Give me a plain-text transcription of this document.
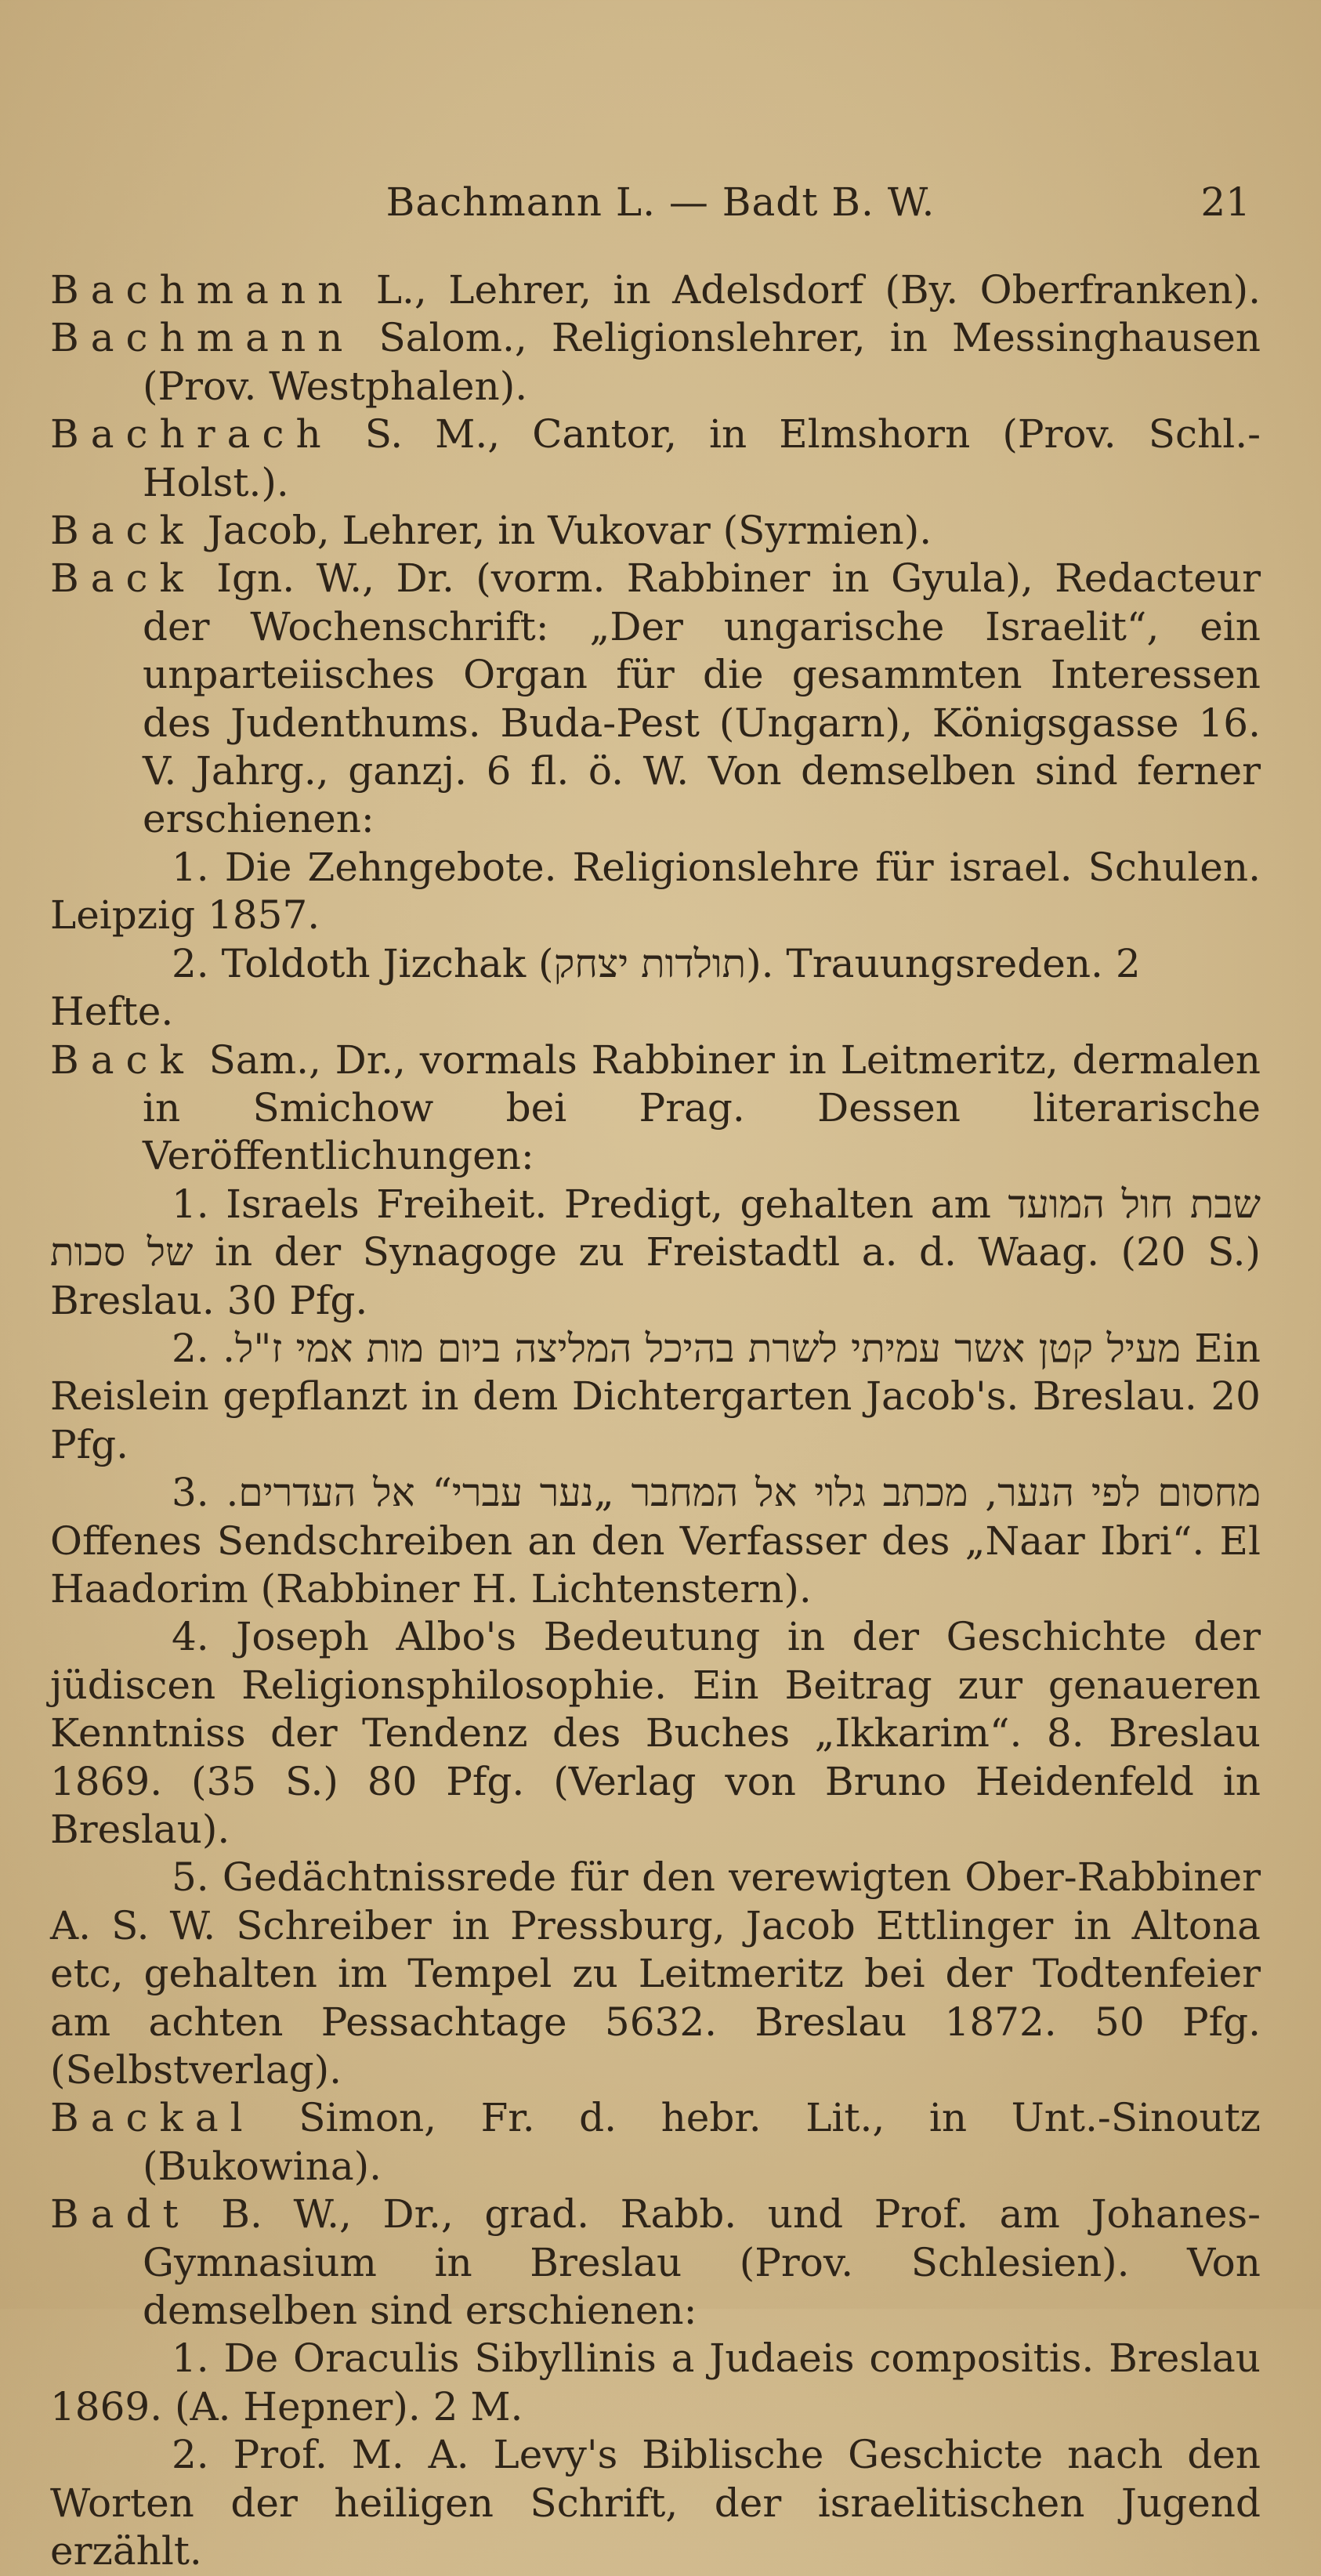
Bachmann L. — Badt B. W.	21

Bachmann L., Lehrer, in Adelsdorf (By. Oberfranken).

Bachmann Salom., Religionslehrer, in Messinghausen (Prov. Westphalen).

Bachrach S. M., Cantor, in Elmshorn (Prov. Schl.-Holst.).

Back Jacob, Lehrer, in Vukovar (Syrmien).

Back Ign. W., Dr. (vorm. Rabbiner in Gyula), Redacteur der Wochenschrift: „Der ungarische Israelit“, ein unparteiisches Organ für die gesammten Interessen des Judenthums. Buda-Pest (Ungarn), Königsgasse 16. V. Jahrg., ganzj. 6 fl. ö. W. Von demselben sind ferner erschienen:

1. Die Zehngebote. Religionslehre für israel. Schulen. Leipzig 1857.

2. Toldoth Jizchak (תולדות יצחק). Trauungsreden. 2 Hefte.

Back Sam., Dr., vormals Rabbiner in Leitmeritz, dermalen in Smichow bei Prag. Dessen literarische Veröffentlichungen:

1. Israels Freiheit. Predigt, gehalten am שבת חול המועד של סכות in der Synagoge zu Freistadtl a. d. Waag. (20 S.) Breslau. 30 Pfg.

2. מעיל קטן אשר עמיתי לשרת בהיכל המליצה ביום מות אמי ז"ל. Ein Reislein gepflanzt in dem Dichtergarten Jacob's. Breslau. 20 Pfg.

3. מחסום לפי הנער, מכתב גלוי אל המחבר „נער עברי“ אל העדרים. Offenes Sendschreiben an den Verfasser des „Naar Ibri“. El Haadorim (Rabbiner H. Lichtenstern).

4. Joseph Albo's Bedeutung in der Geschichte der jüdiscen Religionsphilosophie. Ein Beitrag zur genaueren Kenntniss der Tendenz des Buches „Ikkarim“. 8. Breslau 1869. (35 S.) 80 Pfg. (Verlag von Bruno Heidenfeld in Breslau).

5. Gedächtnissrede für den verewigten Ober-Rabbiner A. S. W. Schreiber in Pressburg, Jacob Ettlinger in Altona etc, gehalten im Tempel zu Leitmeritz bei der Todtenfeier am achten Pessachtage 5632. Breslau 1872. 50 Pfg. (Selbstverlag).

Backal Simon, Fr. d. hebr. Lit., in Unt.-Sinoutz (Bukowina).

Badt B. W., Dr., grad. Rabb. und Prof. am Johanes-Gymnasium in Breslau (Prov. Schlesien). Von demselben sind erschienen:

1. De Oraculis Sibyllinis a Judaeis compositis. Breslau 1869. (A. Hepner). 2 M.

2. Prof. M. A. Levy's Biblische Geschicte nach den Worten der heiligen Schrift, der israelitischen Jugend erzählt.
